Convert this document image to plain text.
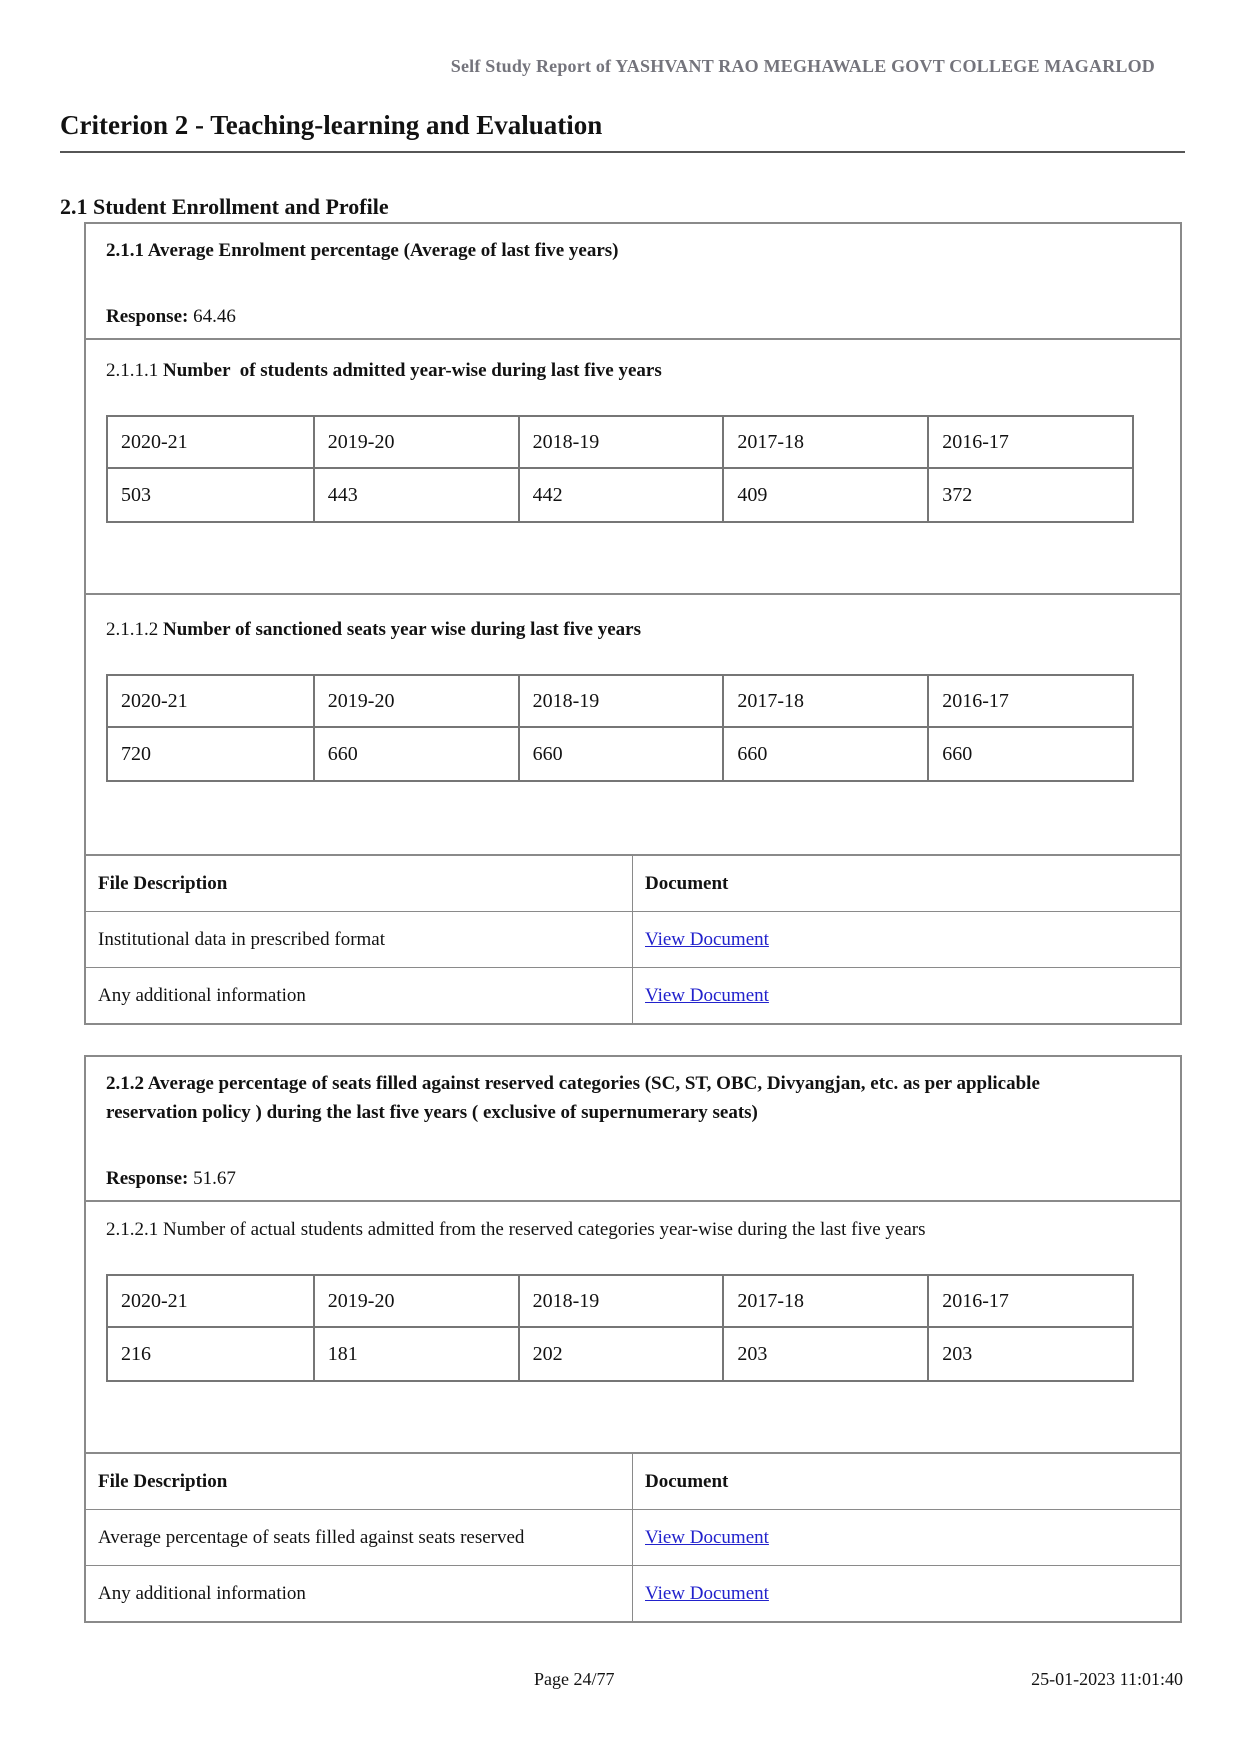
Self Study Report of YASHVANT RAO MEGHAWALE GOVT COLLEGE MAGARLOD
Criterion 2 - Teaching-learning and Evaluation
2.1 Student Enrollment and Profile
2.1.1 Average Enrolment percentage (Average of last five years)
Response: 64.46
2.1.1.1 Number  of students admitted year-wise during last five years
2020-21	2019-20	2018-19	2017-18	2016-17
503	443	442	409	372
2.1.1.2 Number of sanctioned seats year wise during last five years
2020-21	2019-20	2018-19	2017-18	2016-17
720	660	660	660	660
File Description	Document
Institutional data in prescribed format	View Document
Any additional information	View Document
2.1.2 Average percentage of seats filled against reserved categories (SC, ST, OBC, Divyangjan, etc. as per applicable reservation policy ) during the last five years ( exclusive of supernumerary seats)
Response: 51.67
2.1.2.1 Number of actual students admitted from the reserved categories year-wise during the last five years
2020-21	2019-20	2018-19	2017-18	2016-17
216	181	202	203	203
File Description	Document
Average percentage of seats filled against seats reserved	View Document
Any additional information	View Document
Page 24/77	25-01-2023 11:01:40
